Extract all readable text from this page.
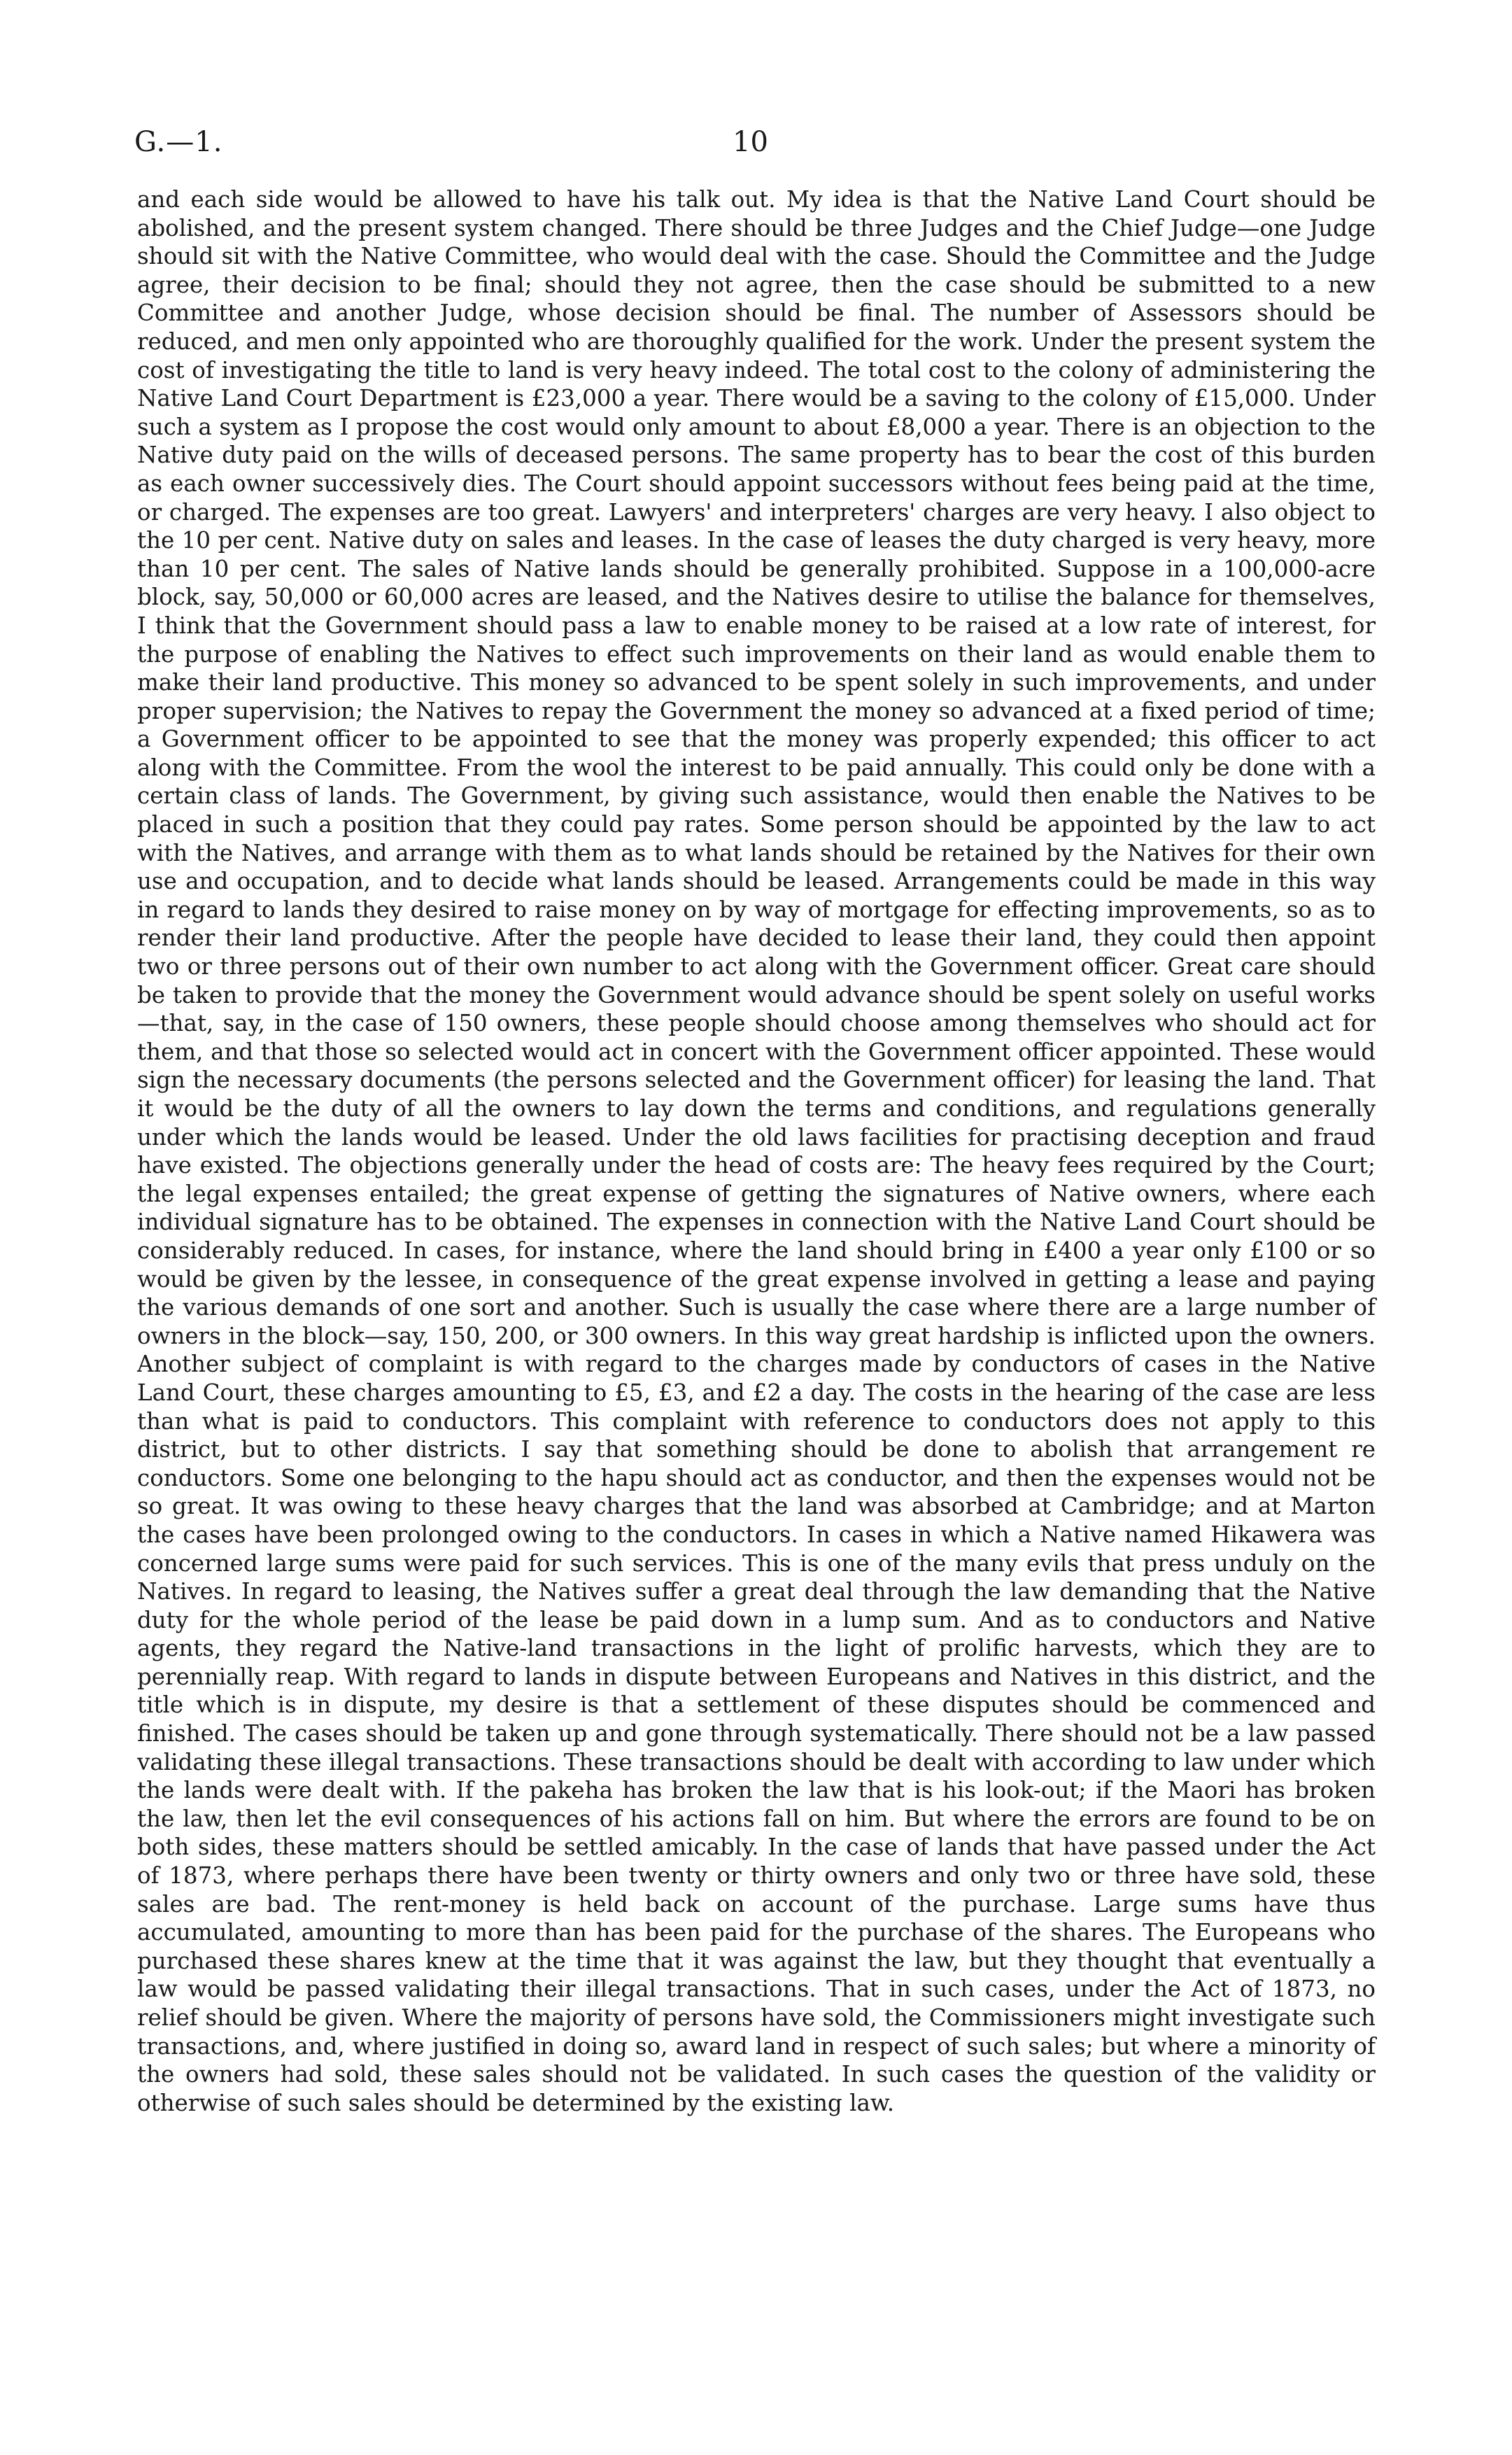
G.—1.	10

and each side would be allowed to have his talk out. My idea is that the Native Land Court should be abolished, and the present system changed. There should be three Judges and the Chief Judge—one Judge should sit with the Native Committee, who would deal with the case. Should the Committee and the Judge agree, their decision to be final; should they not agree, then the case should be submitted to a new Committee and another Judge, whose decision should be final. The number of Assessors should be reduced, and men only appointed who are thoroughly qualified for the work. Under the present system the cost of investigating the title to land is very heavy indeed. The total cost to the colony of administering the Native Land Court Department is £23,000 a year. There would be a saving to the colony of £15,000. Under such a system as I propose the cost would only amount to about £8,000 a year. There is an objection to the Native duty paid on the wills of deceased persons. The same property has to bear the cost of this burden as each owner successively dies. The Court should appoint successors without fees being paid at the time, or charged. The expenses are too great. Lawyers' and interpreters' charges are very heavy. I also object to the 10 per cent. Native duty on sales and leases. In the case of leases the duty charged is very heavy, more than 10 per cent. The sales of Native lands should be generally prohibited. Suppose in a 100,000-acre block, say, 50,000 or 60,000 acres are leased, and the Natives desire to utilise the balance for themselves, I think that the Government should pass a law to enable money to be raised at a low rate of interest, for the purpose of enabling the Natives to effect such improvements on their land as would enable them to make their land productive. This money so advanced to be spent solely in such improvements, and under proper supervision; the Natives to repay the Government the money so advanced at a fixed period of time; a Government officer to be appointed to see that the money was properly expended; this officer to act along with the Committee. From the wool the interest to be paid annually. This could only be done with a certain class of lands. The Government, by giving such assistance, would then enable the Natives to be placed in such a position that they could pay rates. Some person should be appointed by the law to act with the Natives, and arrange with them as to what lands should be retained by the Natives for their own use and occupation, and to decide what lands should be leased. Arrangements could be made in this way in regard to lands they desired to raise money on by way of mortgage for effecting improvements, so as to render their land productive. After the people have decided to lease their land, they could then appoint two or three persons out of their own number to act along with the Government officer. Great care should be taken to provide that the money the Government would advance should be spent solely on useful works—that, say, in the case of 150 owners, these people should choose among themselves who should act for them, and that those so selected would act in concert with the Government officer appointed. These would sign the necessary documents (the persons selected and the Government officer) for leasing the land. That it would be the duty of all the owners to lay down the terms and conditions, and regulations generally under which the lands would be leased. Under the old laws facilities for practising deception and fraud have existed. The objections generally under the head of costs are: The heavy fees required by the Court; the legal expenses entailed; the great expense of getting the signatures of Native owners, where each individual signature has to be obtained. The expenses in connection with the Native Land Court should be considerably reduced. In cases, for instance, where the land should bring in £400 a year only £100 or so would be given by the lessee, in consequence of the great expense involved in getting a lease and paying the various demands of one sort and another. Such is usually the case where there are a large number of owners in the block—say, 150, 200, or 300 owners. In this way great hardship is inflicted upon the owners. Another subject of complaint is with regard to the charges made by conductors of cases in the Native Land Court, these charges amounting to £5, £3, and £2 a day. The costs in the hearing of the case are less than what is paid to conductors. This complaint with reference to conductors does not apply to this district, but to other districts. I say that something should be done to abolish that arrangement re conductors. Some one belonging to the hapu should act as conductor, and then the expenses would not be so great. It was owing to these heavy charges that the land was absorbed at Cambridge; and at Marton the cases have been prolonged owing to the conductors. In cases in which a Native named Hikawera was concerned large sums were paid for such services. This is one of the many evils that press unduly on the Natives. In regard to leasing, the Natives suffer a great deal through the law demanding that the Native duty for the whole period of the lease be paid down in a lump sum. And as to conductors and Native agents, they regard the Native-land transactions in the light of prolific harvests, which they are to perennially reap. With regard to lands in dispute between Europeans and Natives in this district, and the title which is in dispute, my desire is that a settlement of these disputes should be commenced and finished. The cases should be taken up and gone through systematically. There should not be a law passed validating these illegal transactions. These transactions should be dealt with according to law under which the lands were dealt with. If the pakeha has broken the law that is his look-out; if the Maori has broken the law, then let the evil consequences of his actions fall on him. But where the errors are found to be on both sides, these matters should be settled amicably. In the case of lands that have passed under the Act of 1873, where perhaps there have been twenty or thirty owners and only two or three have sold, these sales are bad. The rent-money is held back on account of the purchase. Large sums have thus accumulated, amounting to more than has been paid for the purchase of the shares. The Europeans who purchased these shares knew at the time that it was against the law, but they thought that eventually a law would be passed validating their illegal transactions. That in such cases, under the Act of 1873, no relief should be given. Where the majority of persons have sold, the Commissioners might investigate such transactions, and, where justified in doing so, award land in respect of such sales; but where a minority of the owners had sold, these sales should not be validated. In such cases the question of the validity or otherwise of such sales should be determined by the existing law.
